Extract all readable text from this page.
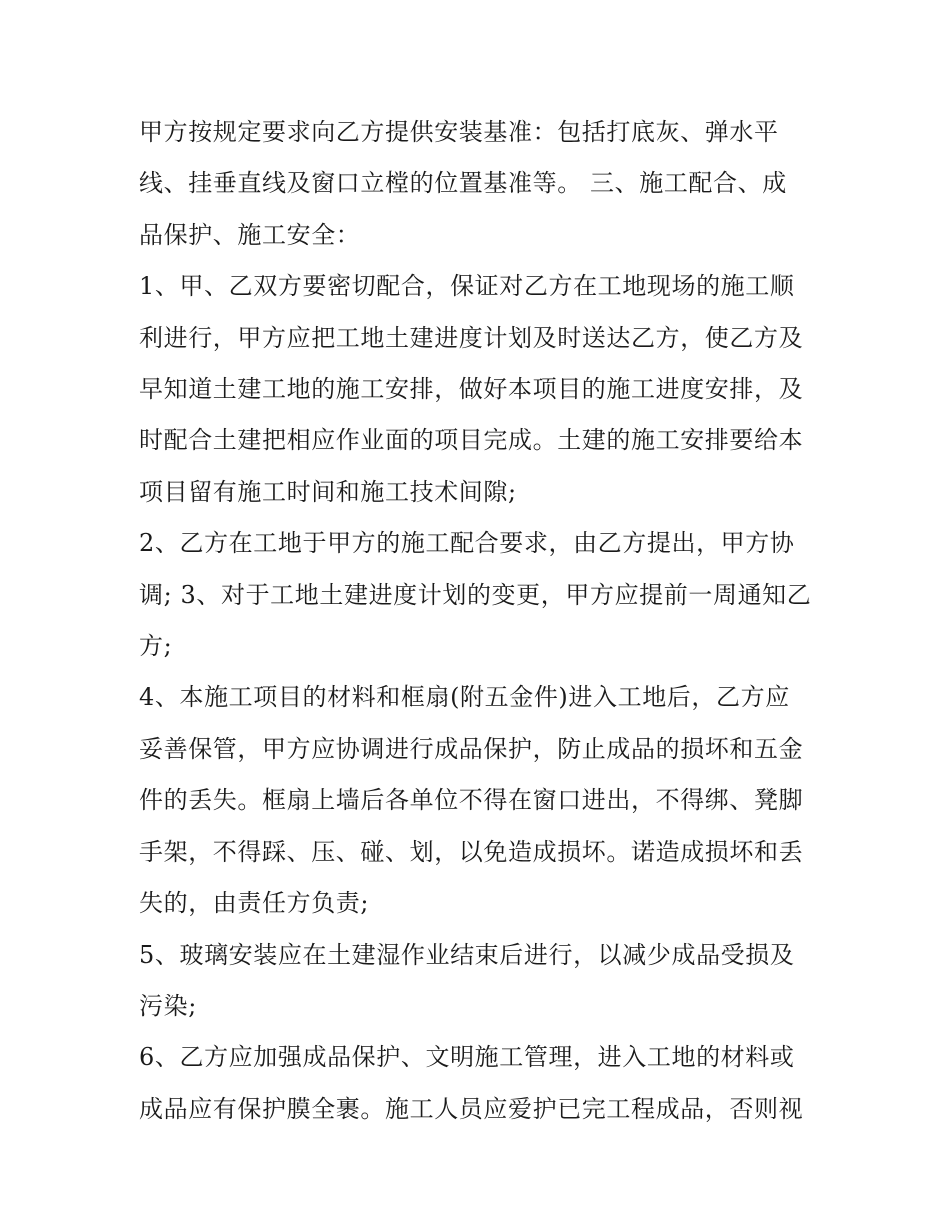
甲方按规定要求向乙方提供安装基准：包括打底灰、弹水平
线、挂垂直线及窗口立樘的位置基准等。 三、施工配合、成
品保护、施工安全：

1、甲、乙双方要密切配合，保证对乙方在工地现场的施工顺
利进行，甲方应把工地土建进度计划及时送达乙方，使乙方及
早知道土建工地的施工安排，做好本项目的施工进度安排，及
时配合土建把相应作业面的项目完成。土建的施工安排要给本
项目留有施工时间和施工技术间隙;

2、乙方在工地于甲方的施工配合要求，由乙方提出，甲方协
调; 3、对于工地土建进度计划的变更，甲方应提前一周通知乙
方;

4、本施工项目的材料和框扇(附五金件)进入工地后，乙方应
妥善保管，甲方应协调进行成品保护，防止成品的损坏和五金
件的丢失。框扇上墙后各单位不得在窗口进出，不得绑、凳脚
手架，不得踩、压、碰、划，以免造成损坏。诺造成损坏和丢
失的，由责任方负责;

5、玻璃安装应在土建湿作业结束后进行，以减少成品受损及
污染;

6、乙方应加强成品保护、文明施工管理，进入工地的材料或
成品应有保护膜全裹。施工人员应爱护已完工程成品，否则视
